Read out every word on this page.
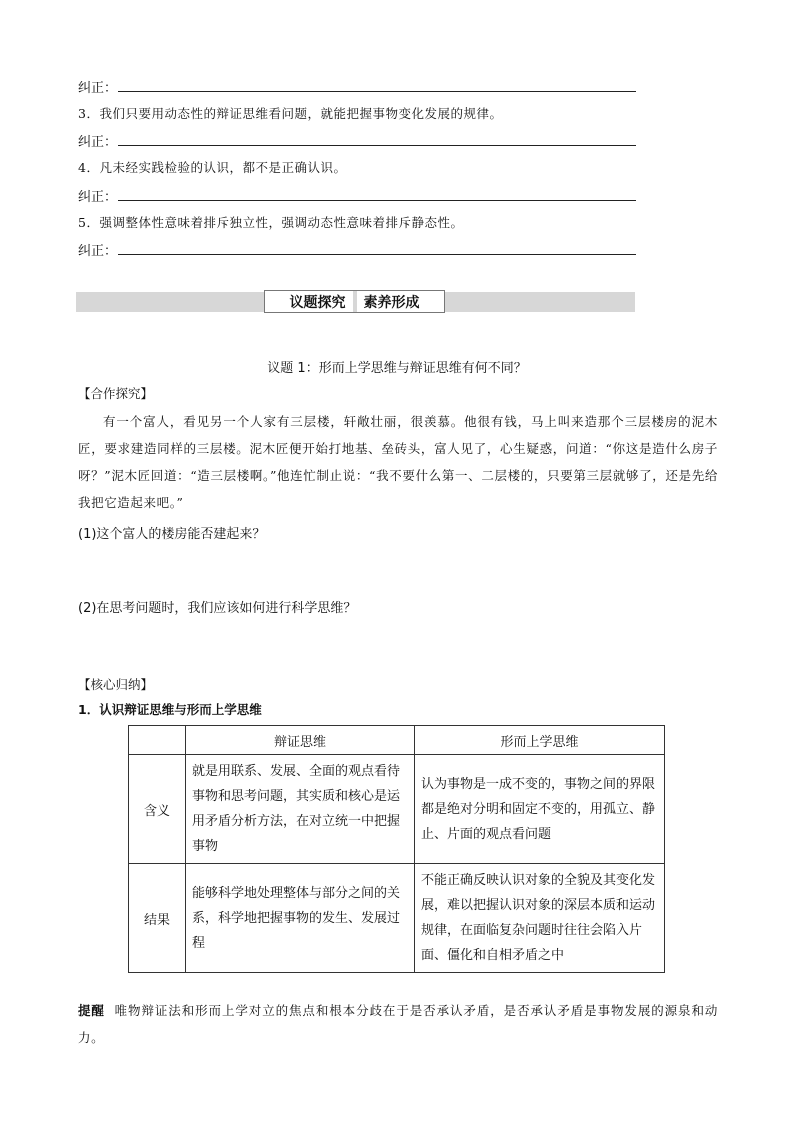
纠正：
3．我们只要用动态性的辩证思维看问题，就能把握事物变化发展的规律。
纠正：
4．凡未经实践检验的认识，都不是正确认识。
纠正：
5．强调整体性意味着排斥独立性，强调动态性意味着排斥静态性。
纠正：
议题探究 素养形成
议题 1：形而上学思维与辩证思维有何不同？
【合作探究】
有一个富人，看见另一个人家有三层楼，轩敞壮丽，很羡慕。他很有钱，马上叫来造那个三层楼房的泥木匠，要求建造同样的三层楼。泥木匠便开始打地基、垒砖头，富人见了，心生疑惑，问道：“你这是造什么房子呀？”泥木匠回道：“造三层楼啊。”他连忙制止说：“我不要什么第一、二层楼的，只要第三层就够了，还是先给我把它造起来吧。”
(1)这个富人的楼房能否建起来？
(2)在思考问题时，我们应该如何进行科学思维？
【核心归纳】
1．认识辩证思维与形而上学思维
	辩证思维	形而上学思维
含义	就是用联系、发展、全面的观点看待事物和思考问题，其实质和核心是运用矛盾分析方法，在对立统一中把握事物	认为事物是一成不变的，事物之间的界限都是绝对分明和固定不变的，用孤立、静止、片面的观点看问题
结果	能够科学地处理整体与部分之间的关系，科学地把握事物的发生、发展过程	不能正确反映认识对象的全貌及其变化发展，难以把握认识对象的深层本质和运动规律，在面临复杂问题时往往会陷入片面、僵化和自相矛盾之中
提醒 唯物辩证法和形而上学对立的焦点和根本分歧在于是否承认矛盾，是否承认矛盾是事物发展的源泉和动力。
